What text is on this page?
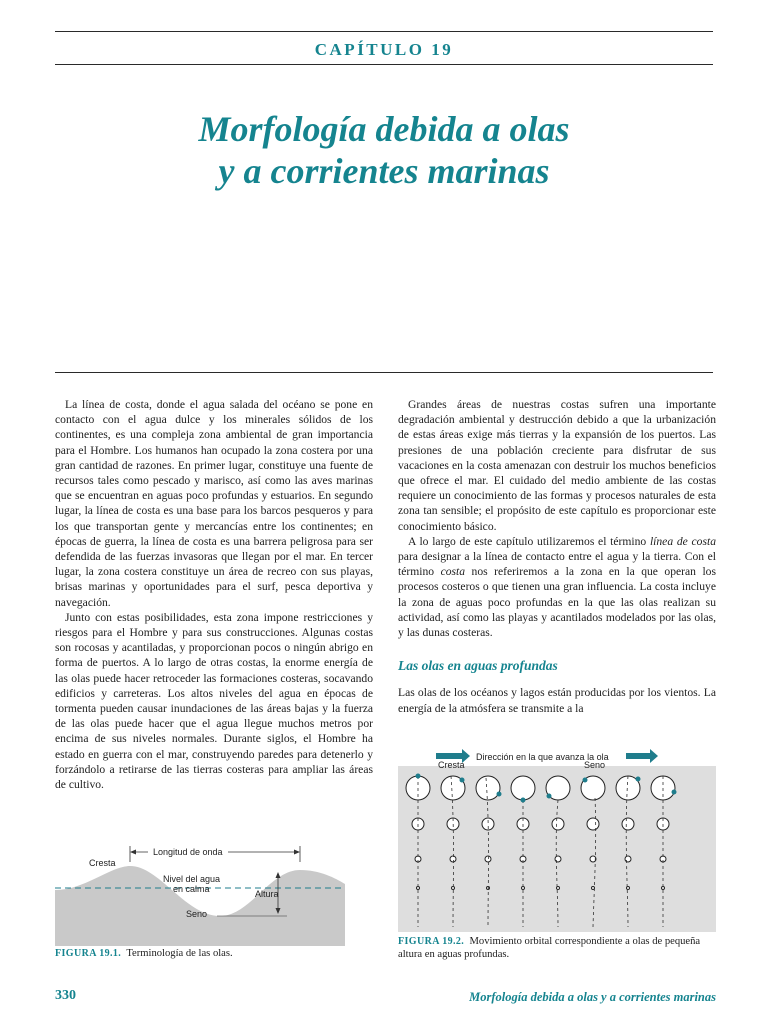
CAPÍTULO 19
Morfología debida a olas
y a corrientes marinas

La línea de costa, donde el agua salada del océano se pone en contacto con el agua dulce y los minerales sólidos de los continentes, es una compleja zona ambiental de gran importancia para el Hombre. Los humanos han ocupado la zona costera por una gran cantidad de razones. En primer lugar, constituye una fuente de recursos tales como pescado y marisco, así como las aves marinas que se encuentran en aguas poco profundas y estuarios. En segundo lugar, la línea de costa es una base para los barcos pesqueros y para los que transportan gente y mercancías entre los continentes; en épocas de guerra, la línea de costa es una barrera peligrosa para ser defendida de las fuerzas invasoras que llegan por el mar. En tercer lugar, la zona costera constituye un área de recreo con sus playas, brisas marinas y oportunidades para el surf, pesca deportiva y navegación.

Junto con estas posibilidades, esta zona impone restricciones y riesgos para el Hombre y para sus construcciones. Algunas costas son rocosas y acantiladas, y proporcionan pocos o ningún abrigo en forma de puertos. A lo largo de otras costas, la enorme energía de las olas puede hacer retroceder las formaciones costeras, socavando edificios y carreteras. Los altos niveles del agua en épocas de tormenta pueden causar inundaciones de las áreas bajas y la fuerza de las olas puede hacer que el agua llegue muchos metros por encima de sus niveles normales. Durante siglos, el Hombre ha estado en guerra con el mar, construyendo paredes para detenerlo y forzándolo a retirarse de las tierras costeras para ampliar las áreas de cultivo.

Grandes áreas de nuestras costas sufren una importante degradación ambiental y destrucción debido a que la urbanización de estas áreas exige más tierras y la expansión de los puertos. Las presiones de una población creciente para disfrutar de sus vacaciones en la costa amenazan con destruir los muchos beneficios que ofrece el mar. El cuidado del medio ambiente de las costas requiere un conocimiento de las formas y procesos naturales de esta zona tan sensible; el propósito de este capítulo es proporcionar este conocimiento básico.

A lo largo de este capítulo utilizaremos el término línea de costa para designar a la línea de contacto entre el agua y la tierra. Con el término costa nos referiremos a la zona en la que operan los procesos costeros o que tienen una gran influencia. La costa incluye la zona de aguas poco profundas en la que las olas realizan su actividad, así como las playas y acantilados modelados por las olas, y las dunas costeras.

Las olas en aguas profundas

Las olas de los océanos y lagos están producidas por los vientos. La energía de la atmósfera se transmite a la

Longitud de onda
Cresta
Nivel del agua
en calma	Altura
Seno
FIGURA 19.1. Terminología de las olas.
Dirección en la que avanza la ola
Cresta	Seno
FIGURA 19.2. Movimiento orbital correspondiente a olas de pequeña altura en aguas profundas.
330	Morfología debida a olas y a corrientes marinas
